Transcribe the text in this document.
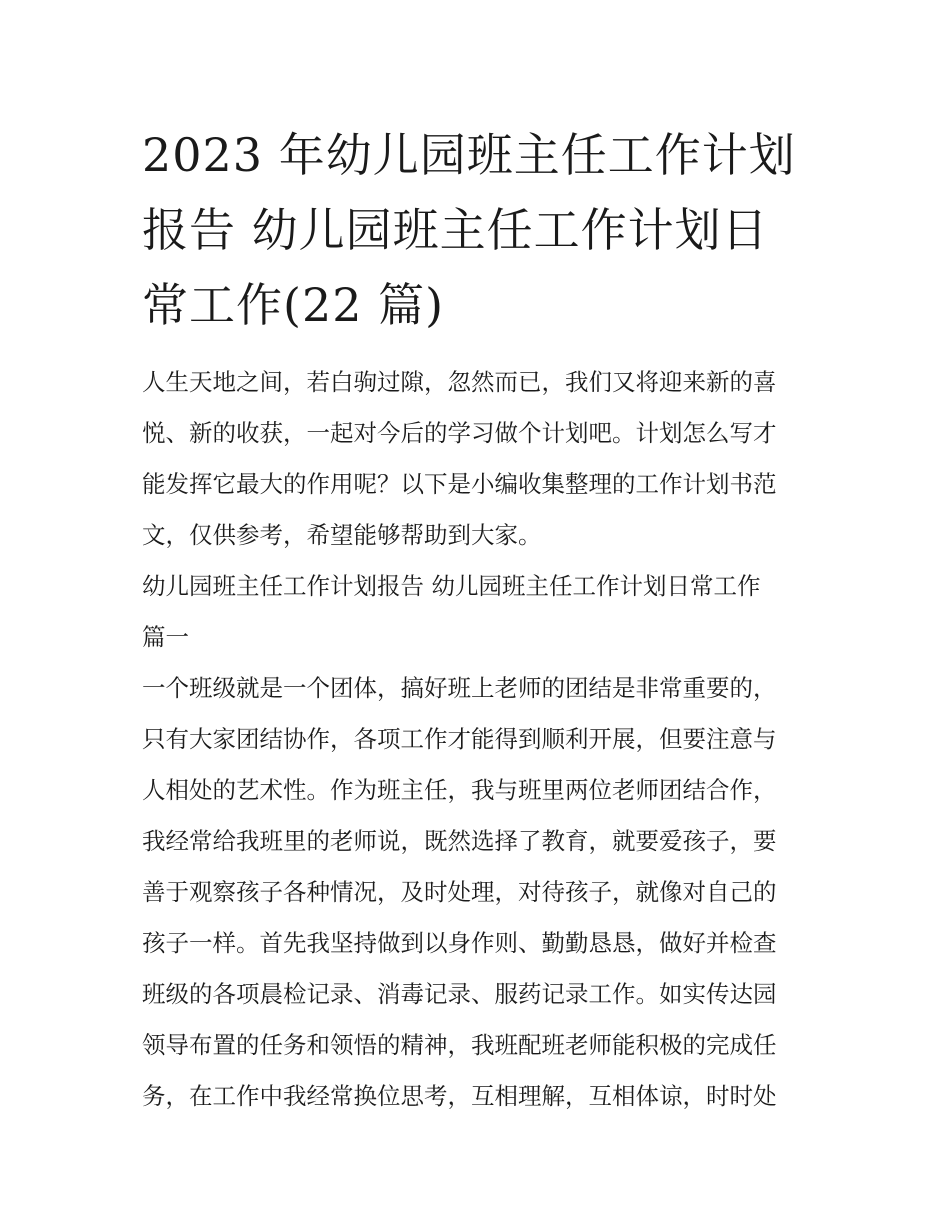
2023 年幼儿园班主任工作计划
报告 幼儿园班主任工作计划日
常工作(22 篇)
人生天地之间，若白驹过隙，忽然而已，我们又将迎来新的喜
悦、新的收获，一起对今后的学习做个计划吧。计划怎么写才
能发挥它最大的作用呢？以下是小编收集整理的工作计划书范
文，仅供参考，希望能够帮助到大家。
幼儿园班主任工作计划报告 幼儿园班主任工作计划日常工作
篇一
一个班级就是一个团体，搞好班上老师的团结是非常重要的，
只有大家团结协作，各项工作才能得到顺利开展，但要注意与
人相处的艺术性。作为班主任，我与班里两位老师团结合作，
我经常给我班里的老师说，既然选择了教育，就要爱孩子，要
善于观察孩子各种情况，及时处理，对待孩子，就像对自己的
孩子一样。首先我坚持做到以身作则、勤勤恳恳，做好并检查
班级的各项晨检记录、消毒记录、服药记录工作。如实传达园
领导布置的任务和领悟的精神，我班配班老师能积极的完成任
务，在工作中我经常换位思考，互相理解，互相体谅，时时处
